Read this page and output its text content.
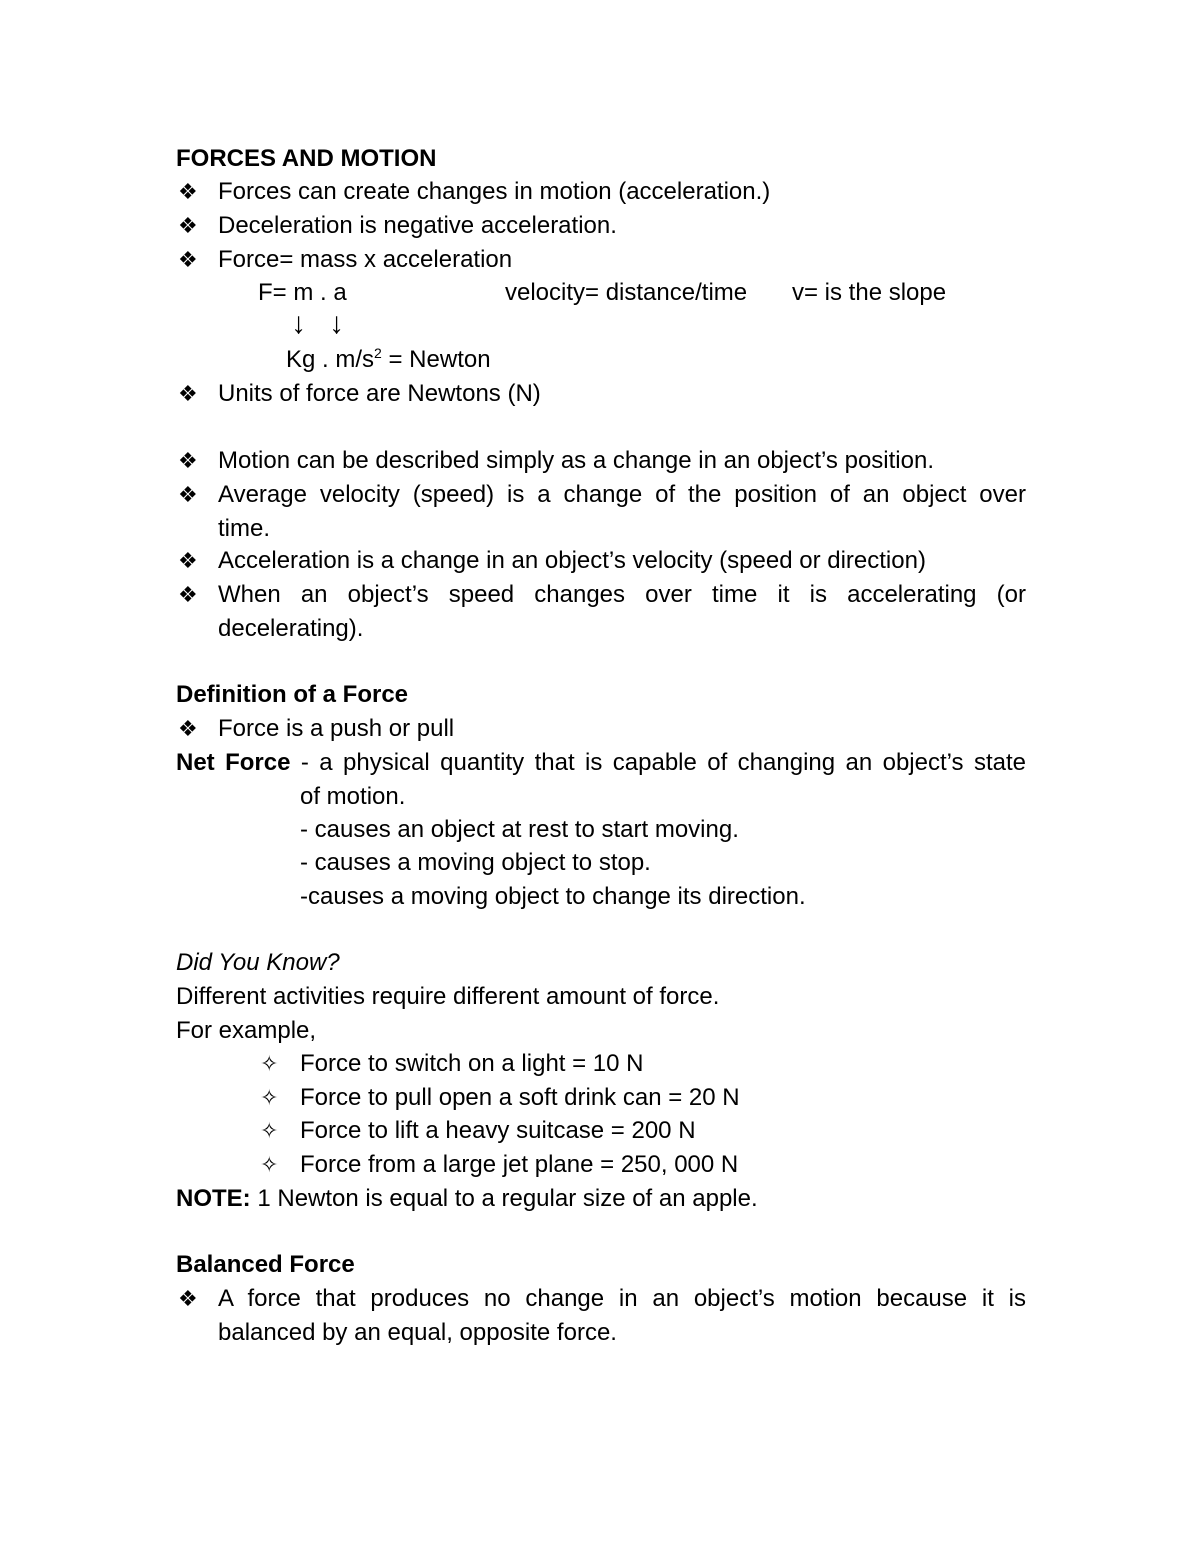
FORCES AND MOTION
❖ Forces can create changes in motion (acceleration.)
❖ Deceleration is negative acceleration.
❖ Force= mass x acceleration
F= m . a	velocity= distance/time v= is the slope
↓ ↓
Kg . $m/s^2$ = Newton
❖ Units of force are Newtons (N)
❖ Motion can be described simply as a change in an object’s position.
❖ Average velocity (speed) is a change of the position of an object over
time.
❖ Acceleration is a change in an object’s velocity (speed or direction)
❖ When an object’s speed changes over time it is accelerating (or
decelerating).
Definition of a Force
❖ Force is a push or pull
Net Force - a physical quantity that is capable of changing an object’s state
of motion.
- causes an object at rest to start moving.
- causes a moving object to stop.
-causes a moving object to change its direction.
Did You Know?
Different activities require different amount of force.
For example,
✧ Force to switch on a light = 10 N
✧ Force to pull open a soft drink can = 20 N
✧ Force to lift a heavy suitcase = 200 N
✧ Force from a large jet plane = 250, 000 N
NOTE: 1 Newton is equal to a regular size of an apple.
Balanced Force
❖ A force that produces no change in an object’s motion because it is
balanced by an equal, opposite force.
